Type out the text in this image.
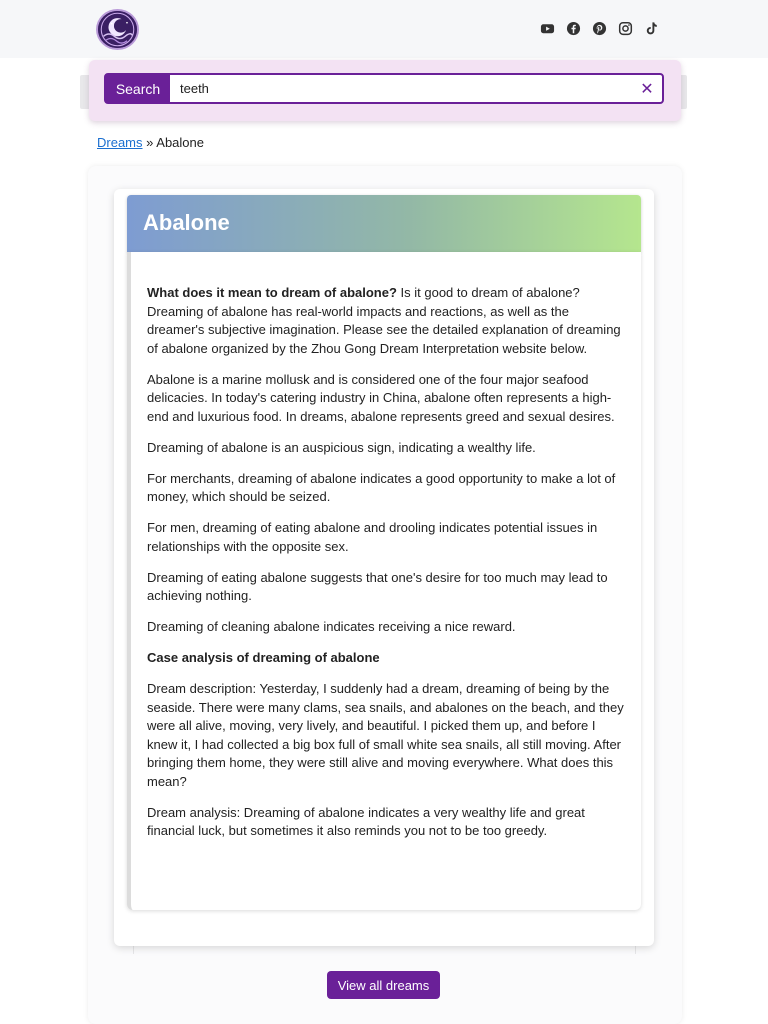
Search
teeth	✕
Dreams » Abalone
Abalone

What does it mean to dream of abalone? Is it good to dream of abalone? Dreaming of abalone has real-world impacts and reactions, as well as the dreamer's subjective imagination. Please see the detailed explanation of dreaming of abalone organized by the Zhou Gong Dream Interpretation website below.

Abalone is a marine mollusk and is considered one of the four major seafood delicacies. In today's catering industry in China, abalone often represents a high-end and luxurious food. In dreams, abalone represents greed and sexual desires.

Dreaming of abalone is an auspicious sign, indicating a wealthy life.

For merchants, dreaming of abalone indicates a good opportunity to make a lot of money, which should be seized.

For men, dreaming of eating abalone and drooling indicates potential issues in relationships with the opposite sex.

Dreaming of eating abalone suggests that one's desire for too much may lead to achieving nothing.

Dreaming of cleaning abalone indicates receiving a nice reward.

Case analysis of dreaming of abalone

Dream description: Yesterday, I suddenly had a dream, dreaming of being by the seaside. There were many clams, sea snails, and abalones on the beach, and they were all alive, moving, very lively, and beautiful. I picked them up, and before I knew it, I had collected a big box full of small white sea snails, all still moving. After bringing them home, they were still alive and moving everywhere. What does this mean?

Dream analysis: Dreaming of abalone indicates a very wealthy life and great financial luck, but sometimes it also reminds you not to be too greedy.

View all dreams
